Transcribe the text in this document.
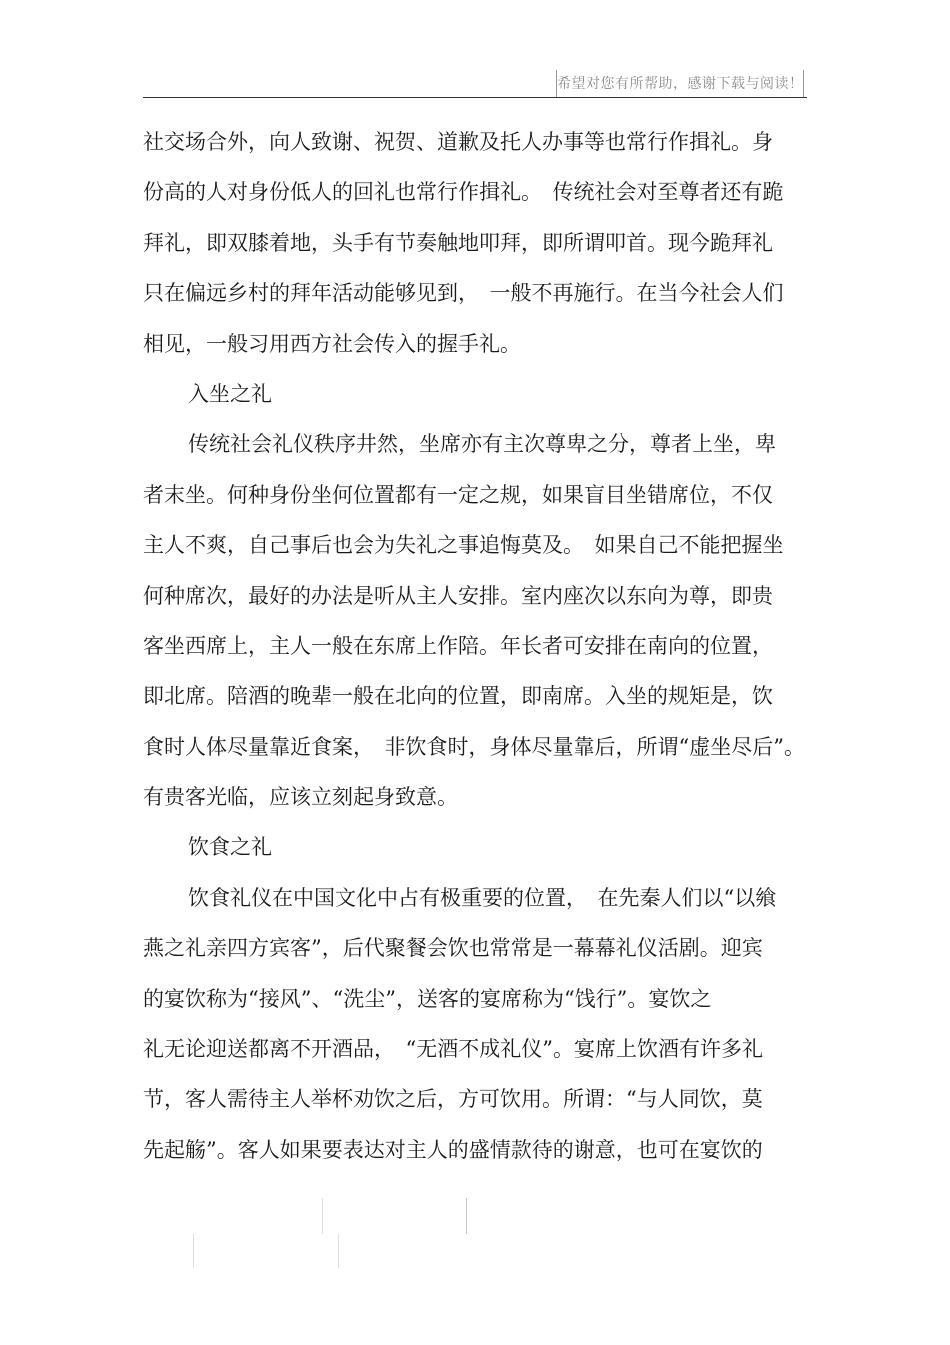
希望对您有所帮助，感谢下载与阅读！
社交场合外，向人致谢、祝贺、道歉及托人办事等也常行作揖礼。身
份高的人对身份低人的回礼也常行作揖礼。　传统社会对至尊者还有跪
拜礼，即双膝着地，头手有节奏触地叩拜，即所谓叩首。现今跪拜礼
只在偏远乡村的拜年活动能够见到，　一般不再施行。在当今社会人们
相见，一般习用西方社会传入的握手礼。
入坐之礼
传统社会礼仪秩序井然，坐席亦有主次尊卑之分，尊者上坐，卑
者末坐。何种身份坐何位置都有一定之规，如果盲目坐错席位，不仅
主人不爽，自己事后也会为失礼之事追悔莫及。　如果自己不能把握坐
何种席次，最好的办法是听从主人安排。室内座次以东向为尊，即贵
客坐西席上，主人一般在东席上作陪。年长者可安排在南向的位置，
即北席。陪酒的晚辈一般在北向的位置，即南席。入坐的规矩是，饮
食时人体尽量靠近食案，　非饮食时，身体尽量靠后，所谓“虚坐尽后”。
有贵客光临，应该立刻起身致意。
饮食之礼
饮食礼仪在中国文化中占有极重要的位置，　在先秦人们以“以飨
燕之礼亲四方宾客”，后代聚餐会饮也常常是一幕幕礼仪活剧。迎宾
的宴饮称为“接风”、“洗尘”，送客的宴席称为“饯行”。宴饮之
礼无论迎送都离不开酒品，　“无酒不成礼仪”。宴席上饮酒有许多礼
节，客人需待主人举杯劝饮之后，方可饮用。所谓：“与人同饮，莫
先起觞”。客人如果要表达对主人的盛情款待的谢意，也可在宴饮的
